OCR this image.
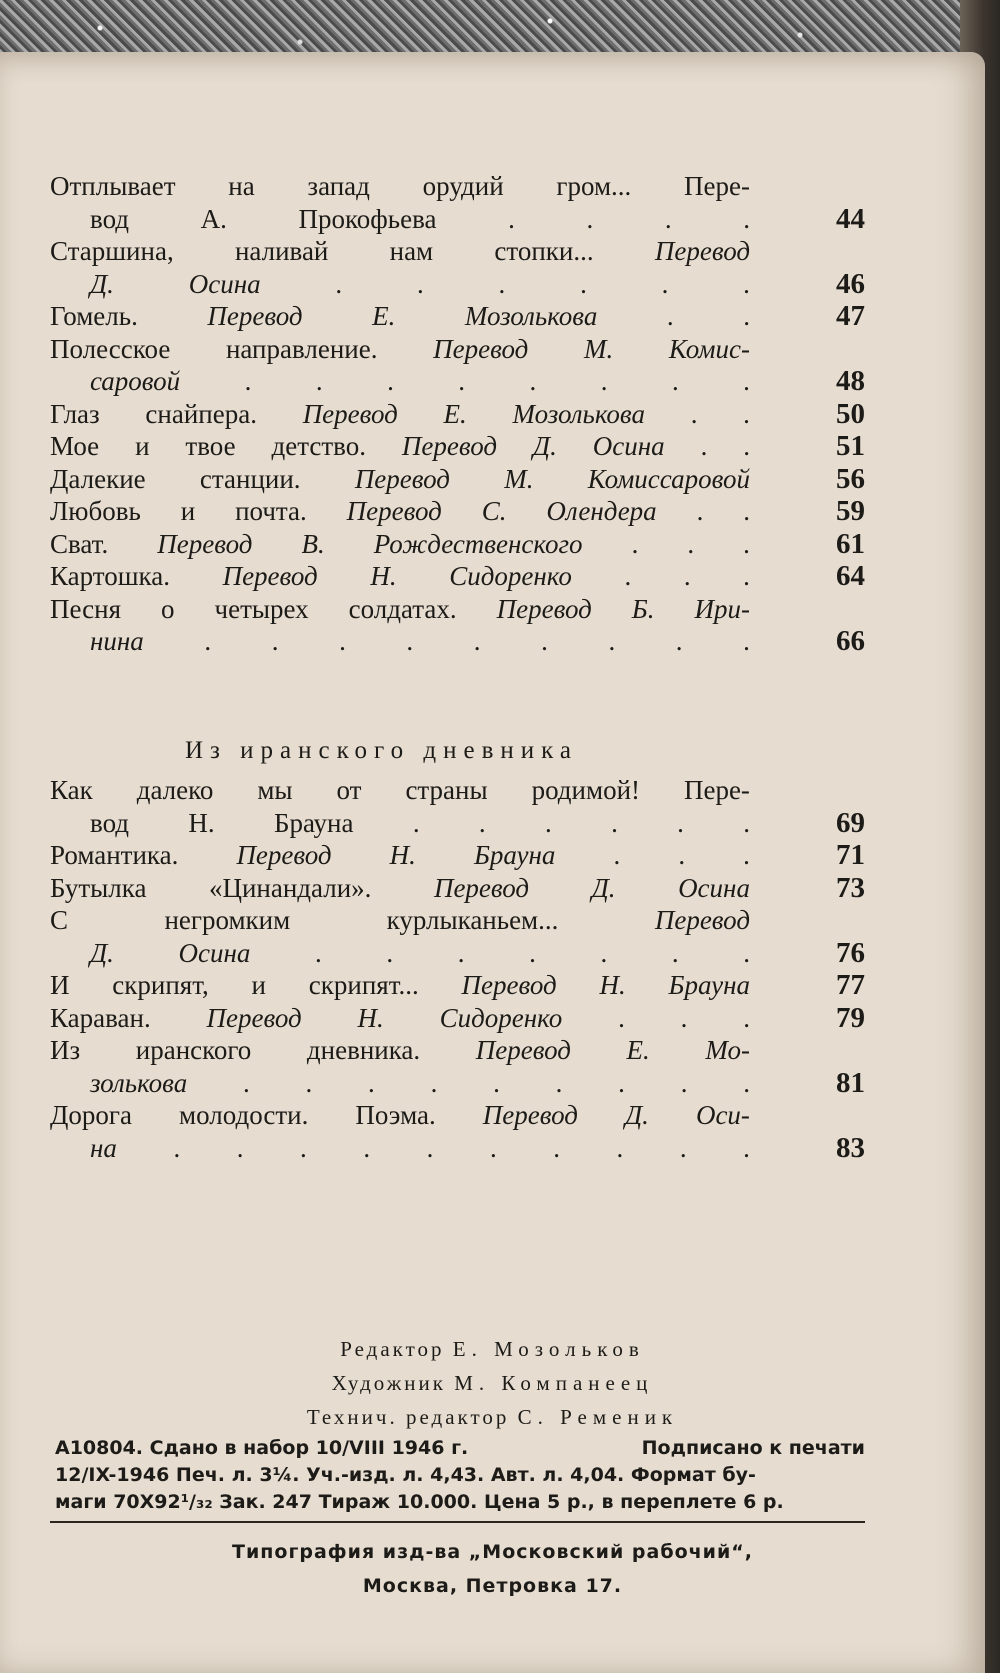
Отплывает на запад орудий гром... Пере-
вод	А.	Прокофьева	.	.	.	.	44
Старшина, наливай нам стопки... Перевод
Д.	Осина	.	.	.	.	.	.	46
Гомель.	Перевод	Е.	Мозолькова	.	.	47
Полесское направление. Перевод М. Комис-
саровой . . . . . . . .	48
Глаз снайпера. Перевод Е. Мозолькова . .	50
Мое и твое детство. Перевод Д. Осина . .	51
Далекие станции. Перевод М. Комиссаровой	56
Любовь и почта. Перевод С. Олендера . .	59
Сват. Перевод В. Рождественского . . .	61
Картошка. Перевод Н. Сидоренко . . .	64
Песня о четырех солдатах. Перевод Б. Ири-
нина . . . . . . . . .	66
Из иранского дневника
Как далеко мы от страны родимой! Пере-
вод Н. Брауна . . . . . .	69
Романтика. Перевод Н. Брауна . . .	71
Бутылка «Цинандали». Перевод Д. Осина	73
С	негромким	курлыканьем...	Перевод
Д. Осина . . . . . . .	76
И скрипят, и скрипят... Перевод Н. Брауна	77
Караван. Перевод Н. Сидоренко . . .	79
Из иранского дневника. Перевод Е. Мо-
золькова . . . . . . . . .	81
Дорога молодости. Поэма. Перевод Д. Оси-
на . . . . . . . . . .	83
Редактор Е. Мозольков
Художник М. Компанеец
Технич. редактор С. Ременик
А10804. Сдано в набор 10/VIII 1946 г.	Подписано к печати
12/IX-1946 Печ. л. 3¼. Уч.-изд. л. 4,43. Авт. л. 4,04. Формат бу-
маги 70Х92¹/₃₂ Зак. 247 Тираж 10.000. Цена 5 р., в переплете 6 р.
Типография изд-ва „Московский рабочий“,
Москва, Петровка 17.
